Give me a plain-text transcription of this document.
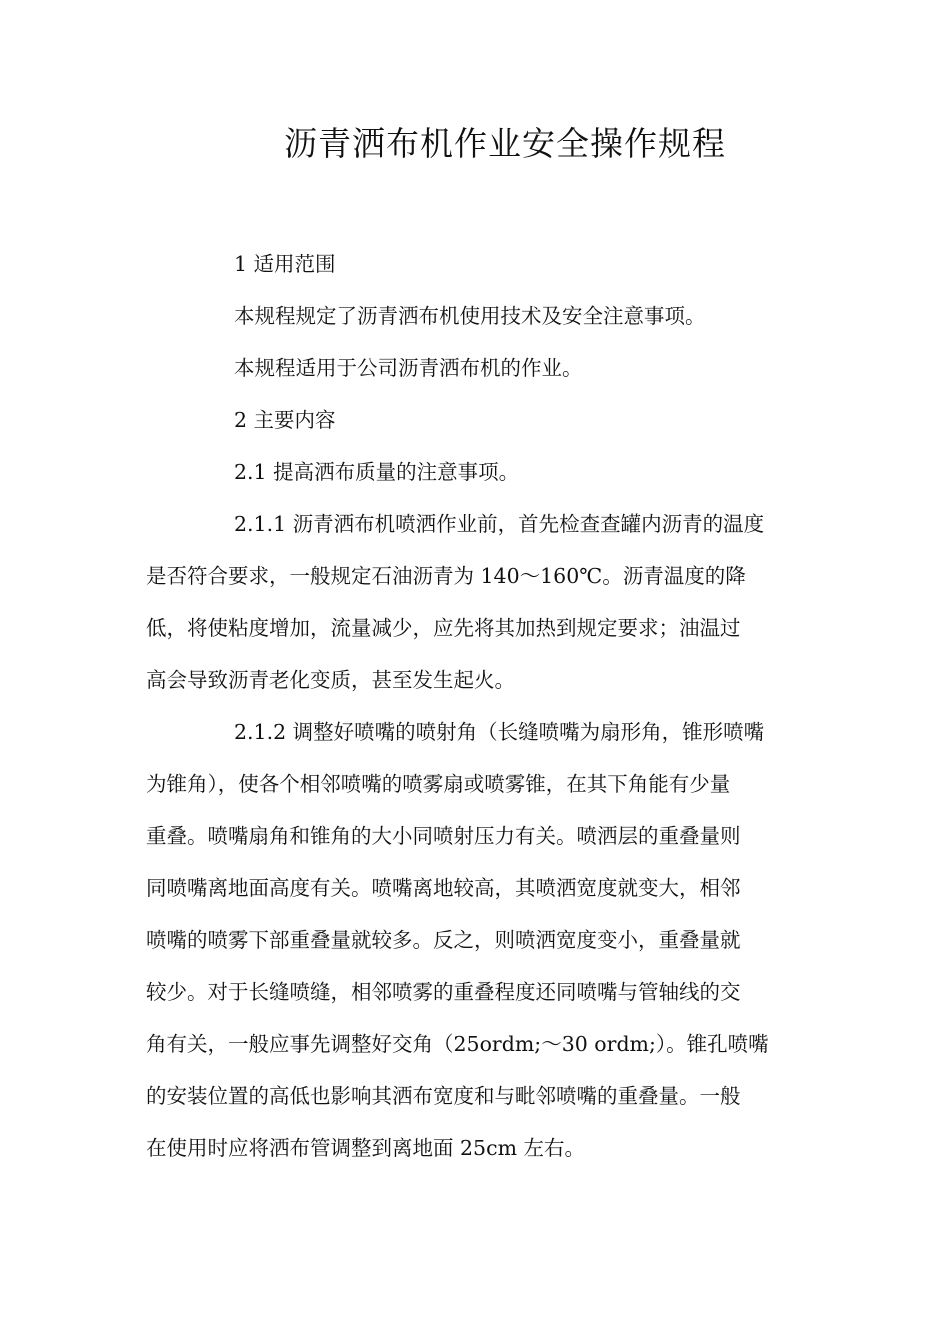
沥青洒布机作业安全操作规程

1 适用范围

本规程规定了沥青洒布机使用技术及安全注意事项。

本规程适用于公司沥青洒布机的作业。

2 主要内容

2.1 提高洒布质量的注意事项。

2.1.1 沥青洒布机喷洒作业前，首先检查查罐内沥青的温度

是否符合要求，一般规定石油沥青为 140～160℃。沥青温度的降

低，将使粘度增加，流量减少，应先将其加热到规定要求；油温过

高会导致沥青老化变质，甚至发生起火。

2.1.2 调整好喷嘴的喷射角（长缝喷嘴为扇形角，锥形喷嘴

为锥角），使各个相邻喷嘴的喷雾扇或喷雾锥，在其下角能有少量

重叠。喷嘴扇角和锥角的大小同喷射压力有关。喷洒层的重叠量则

同喷嘴离地面高度有关。喷嘴离地较高，其喷洒宽度就变大，相邻

喷嘴的喷雾下部重叠量就较多。反之，则喷洒宽度变小，重叠量就

较少。对于长缝喷缝，相邻喷雾的重叠程度还同喷嘴与管轴线的交

角有关，一般应事先调整好交角（25ordm;～30 ordm;）。锥孔喷嘴

的安装位置的高低也影响其洒布宽度和与毗邻喷嘴的重叠量。一般

在使用时应将洒布管调整到离地面 25cm 左右。
